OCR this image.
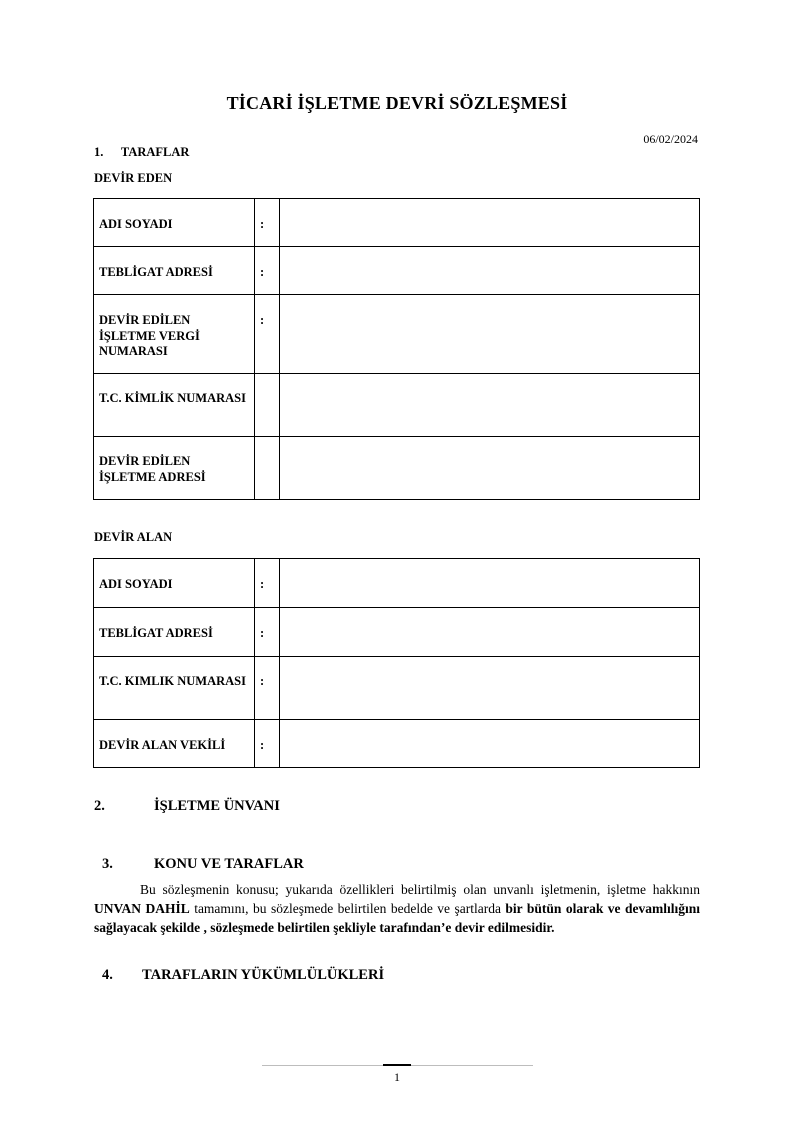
TİCARİ İŞLETME DEVRİ SÖZLEŞMESİ
06/02/2024
1. TARAFLAR
DEVİR EDEN
ADI SOYADI	:	
TEBLİGAT ADRESİ	:	
DEVİR EDİLEN İŞLETME VERGİ NUMARASI	:	
T.C. KİMLİK NUMARASI		
DEVİR EDİLEN İŞLETME ADRESİ		
DEVİR ALAN
ADI SOYADI	:	
TEBLİGAT ADRESİ	:	
T.C. KIMLIK NUMARASI	:	
DEVİR ALAN VEKİLİ	:	
2.	İŞLETME ÜNVANI
3.	KONU VE TARAFLAR
Bu sözleşmenin konusu; yukarıda özellikleri belirtilmiş olan unvanlı işletmenin, işletme hakkının UNVAN DAHİL tamamını, bu sözleşmede belirtilen bedelde ve şartlarda bir bütün olarak ve devamlılığını sağlayacak şekilde , sözleşmede belirtilen şekliyle tarafından’e devir edilmesidir.
4. TARAFLARIN YÜKÜMLÜLÜKLERİ
1
